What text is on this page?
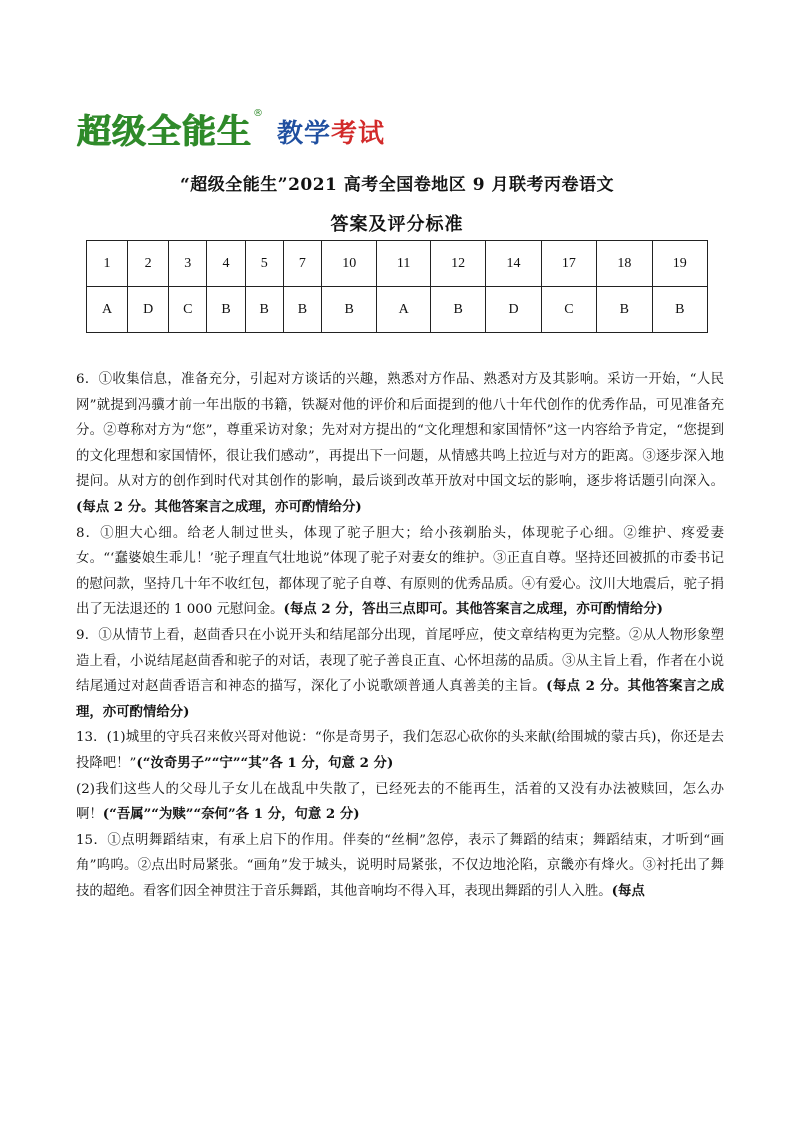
超级全能生 ®
教学考试
“超级全能生”2021 高考全国卷地区 9 月联考丙卷语文
答案及评分标准
1	2	3	4	5	7	10	11	12	14	17	18	19
A	D	C	B	B	B	B	A	B	D	C	B	B

6．①收集信息，准备充分，引起对方谈话的兴趣，熟悉对方作品、熟悉对方及其影响。采访一开始，“人民网”就提到冯骥才前一年出版的书籍，铁凝对他的评价和后面提到的他八十年代创作的优秀作品，可见准备充分。②尊称对方为“您”，尊重采访对象；先对对方提出的“文化理想和家国情怀”这一内容给予肯定，“您提到的文化理想和家国情怀，很让我们感动”，再提出下一问题，从情感共鸣上拉近与对方的距离。③逐步深入地提问。从对方的创作到时代对其创作的影响，最后谈到改革开放对中国文坛的影响，逐步将话题引向深入。(每点 2 分。其他答案言之成理，亦可酌情给分)

8．①胆大心细。给老人制过世头，体现了驼子胆大；给小孩剃胎头，体现驼子心细。②维护、疼爱妻女。“‘蠢婆娘生乖儿！’驼子理直气壮地说”体现了驼子对妻女的维护。③正直自尊。坚持还回被抓的市委书记的慰问款，坚持几十年不收红包，都体现了驼子自尊、有原则的优秀品质。④有爱心。汶川大地震后，驼子捐出了无法退还的 1 000 元慰问金。(每点 2 分，答出三点即可。其他答案言之成理，亦可酌情给分)

9．①从情节上看，赵茴香只在小说开头和结尾部分出现，首尾呼应，使文章结构更为完整。②从人物形象塑造上看，小说结尾赵茴香和驼子的对话，表现了驼子善良正直、心怀坦荡的品质。③从主旨上看，作者在小说结尾通过对赵茴香语言和神态的描写，深化了小说歌颂普通人真善美的主旨。(每点 2 分。其他答案言之成理，亦可酌情给分)

13．(1)城里的守兵召来攸兴哥对他说：“你是奇男子，我们怎忍心砍你的头来献(给围城的蒙古兵)，你还是去投降吧！”(“汝奇男子”“宁”“其”各 1 分，句意 2 分)

(2)我们这些人的父母儿子女儿在战乱中失散了，已经死去的不能再生，活着的又没有办法被赎回，怎么办啊！(“吾属”“为赎”“奈何”各 1 分，句意 2 分)

15．①点明舞蹈结束，有承上启下的作用。伴奏的“丝桐”忽停，表示了舞蹈的结束；舞蹈结束，才听到“画角”呜呜。②点出时局紧张。“画角”发于城头，说明时局紧张，不仅边地沦陷，京畿亦有烽火。③衬托出了舞技的超绝。看客们因全神贯注于音乐舞蹈，其他音响均不得入耳，表现出舞蹈的引人入胜。(每点
